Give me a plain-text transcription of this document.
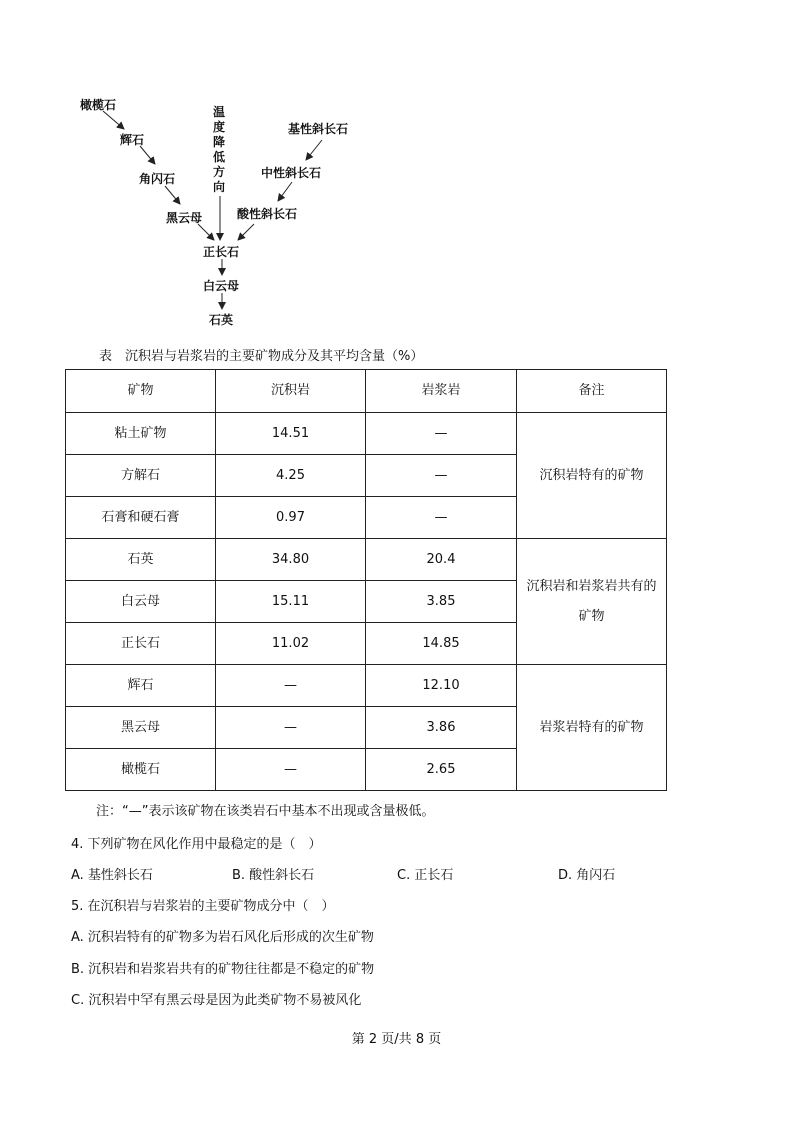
橄榄石
辉石
角闪石
黑云母
基性斜长石
中性斜长石
酸性斜长石
温度降低方向
正长石
白云母
石英
表　沉积岩与岩浆岩的主要矿物成分及其平均含量（%）
矿物	沉积岩	岩浆岩	备注
粘土矿物	14.51	—	沉积岩特有的矿物
方解石	4.25	—	
石膏和硬石膏	0.97	—	
石英	34.80	20.4	沉积岩和岩浆岩共有的矿物
白云母	15.11	3.85	
正长石	11.02	14.85	
辉石	—	12.10	岩浆岩特有的矿物
黑云母	—	3.86	
橄榄石	—	2.65	
注：“—”表示该矿物在该类岩石中基本不出现或含量极低。
4. 下列矿物在风化作用中最稳定的是（　）
A. 基性斜长石	B. 酸性斜长石	C. 正长石	D. 角闪石
5. 在沉积岩与岩浆岩的主要矿物成分中（　）
A. 沉积岩特有的矿物多为岩石风化后形成的次生矿物
B. 沉积岩和岩浆岩共有的矿物往往都是不稳定的矿物
C. 沉积岩中罕有黑云母是因为此类矿物不易被风化
第 2 页/共 8 页
